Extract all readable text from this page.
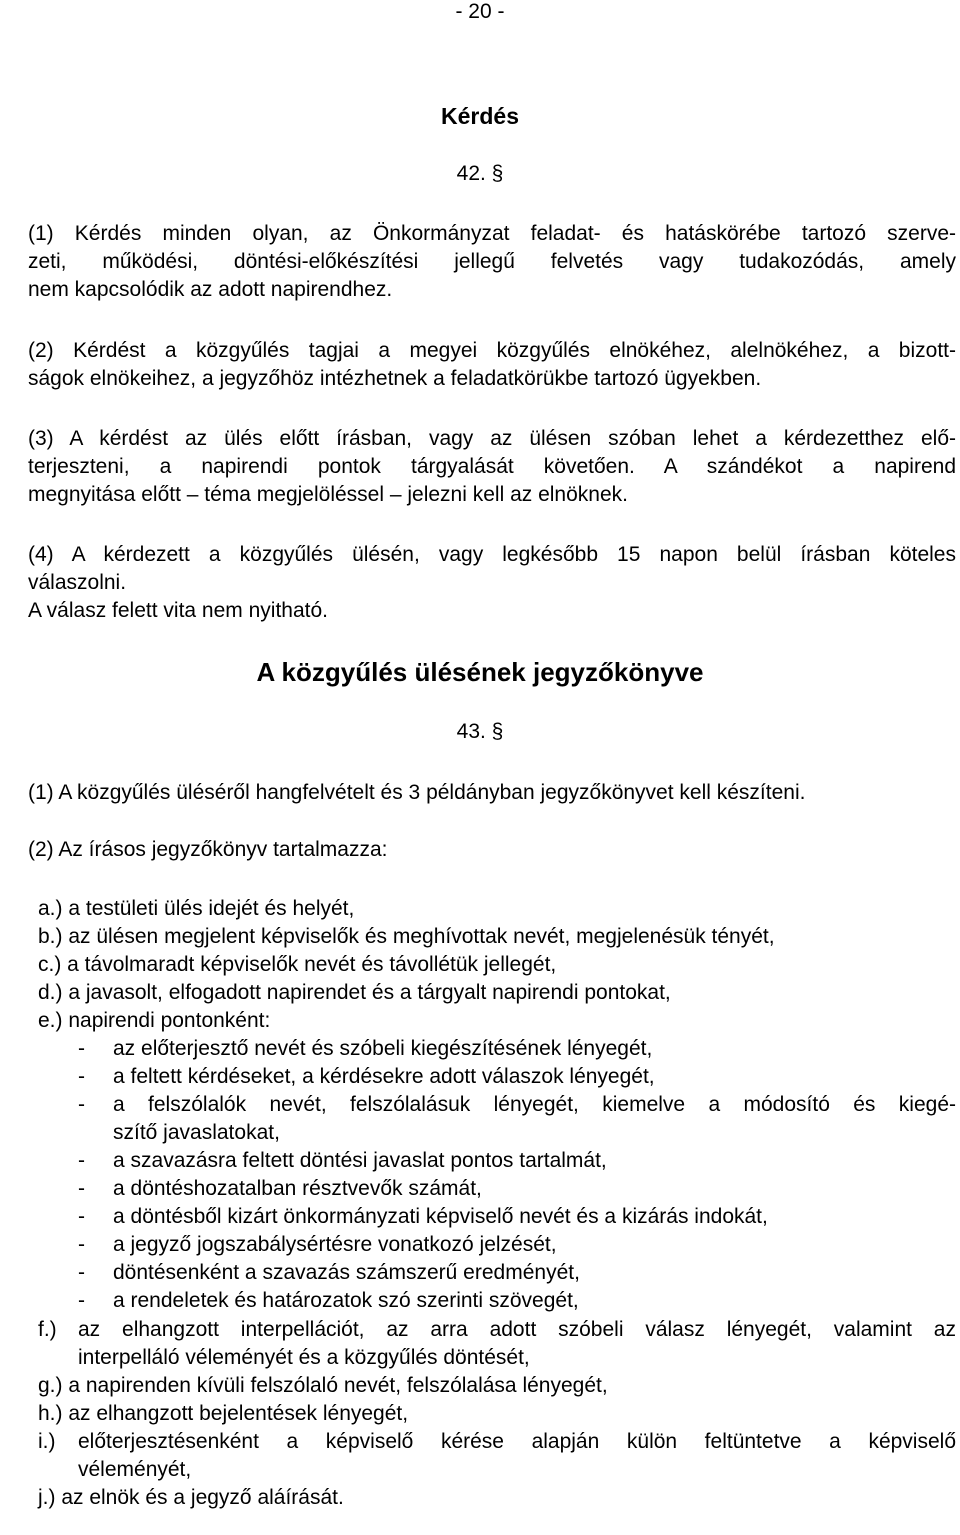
- 20 -
Kérdés
42. §
(1) Kérdés minden olyan, az Önkormányzat feladat- és hatáskörébe tartozó szerve-
zeti, működési, döntési-előkészítési jellegű felvetés vagy tudakozódás, amely
nem kapcsolódik az adott napirendhez.
(2) Kérdést a közgyűlés tagjai a megyei közgyűlés elnökéhez, alelnökéhez, a bizott-
ságok elnökeihez, a jegyzőhöz intézhetnek a feladatkörükbe tartozó ügyekben.
(3) A kérdést az ülés előtt írásban, vagy az ülésen szóban lehet a kérdezetthez elő-
terjeszteni, a napirendi pontok tárgyalását követően. A szándékot a napirend
megnyitása előtt – téma megjelöléssel – jelezni kell az elnöknek.
(4) A kérdezett a közgyűlés ülésén, vagy legkésőbb 15 napon belül írásban köteles
válaszolni.
A válasz felett vita nem nyitható.
A közgyűlés ülésének jegyzőkönyve
43. §
(1) A közgyűlés üléséről hangfelvételt és 3 példányban jegyzőkönyvet kell készíteni.
(2) Az írásos jegyzőkönyv tartalmazza:
a.) a testületi ülés idejét és helyét,
b.) az ülésen megjelent képviselők és meghívottak nevét, megjelenésük tényét,
c.) a távolmaradt képviselők nevét és távollétük jellegét,
d.) a javasolt, elfogadott napirendet és a tárgyalt napirendi pontokat,
e.) napirendi pontonként:
- az előterjesztő nevét és szóbeli kiegészítésének lényegét,
- a feltett kérdéseket, a kérdésekre adott válaszok lényegét,
- a felszólalók nevét, felszólalásuk lényegét, kiemelve a módosító és kiegé-
szítő javaslatokat,
- a szavazásra feltett döntési javaslat pontos tartalmát,
- a döntéshozatalban résztvevők számát,
- a döntésből kizárt önkormányzati képviselő nevét és a kizárás indokát,
- a jegyző jogszabálysértésre vonatkozó jelzését,
- döntésenként a szavazás számszerű eredményét,
- a rendeletek és határozatok szó szerinti szövegét,
f.) az elhangzott interpellációt, az arra adott szóbeli válasz lényegét, valamint az
interpelláló véleményét és a közgyűlés döntését,
g.) a napirenden kívüli felszólaló nevét, felszólalása lényegét,
h.) az elhangzott bejelentések lényegét,
i.) előterjesztésenként a képviselő kérése alapján külön feltüntetve a képviselő
véleményét,
j.) az elnök és a jegyző aláírását.
